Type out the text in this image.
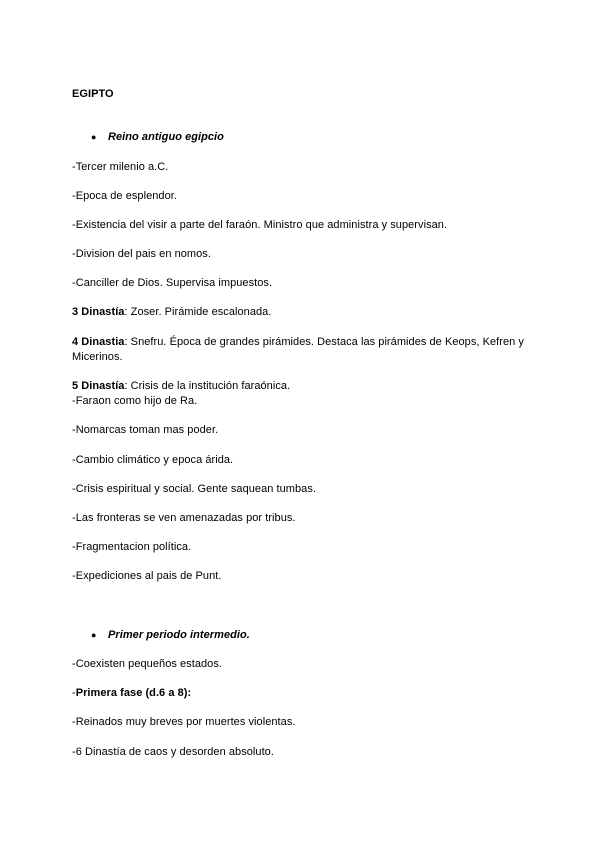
EGIPTO
● Reino antiguo egipcio
-Tercer milenio a.C.
-Epoca de esplendor.
-Existencia del visir a parte del faraón. Ministro que administra y supervisan.
-Division del pais en nomos.
-Canciller de Dios. Supervisa impuestos.
3 Dinastía: Zoser. Pirámide escalonada.
4 Dinastia: Snefru. Época de grandes pirámides. Destaca las pirámides de Keops, Kefren y Micerinos.
5 Dinastía: Crisis de la institución faraónica.
-Faraon como hijo de Ra.
-Nomarcas toman mas poder.
-Cambio climático y epoca árida.
-Crisis espiritual y social. Gente saquean tumbas.
-Las fronteras se ven amenazadas por tribus.
-Fragmentacion política.
-Expediciones al pais de Punt.
● Primer periodo intermedio.
-Coexisten pequeños estados.
-Primera fase (d.6 a 8):
-Reinados muy breves por muertes violentas.
-6 Dinastía de caos y desorden absoluto.
